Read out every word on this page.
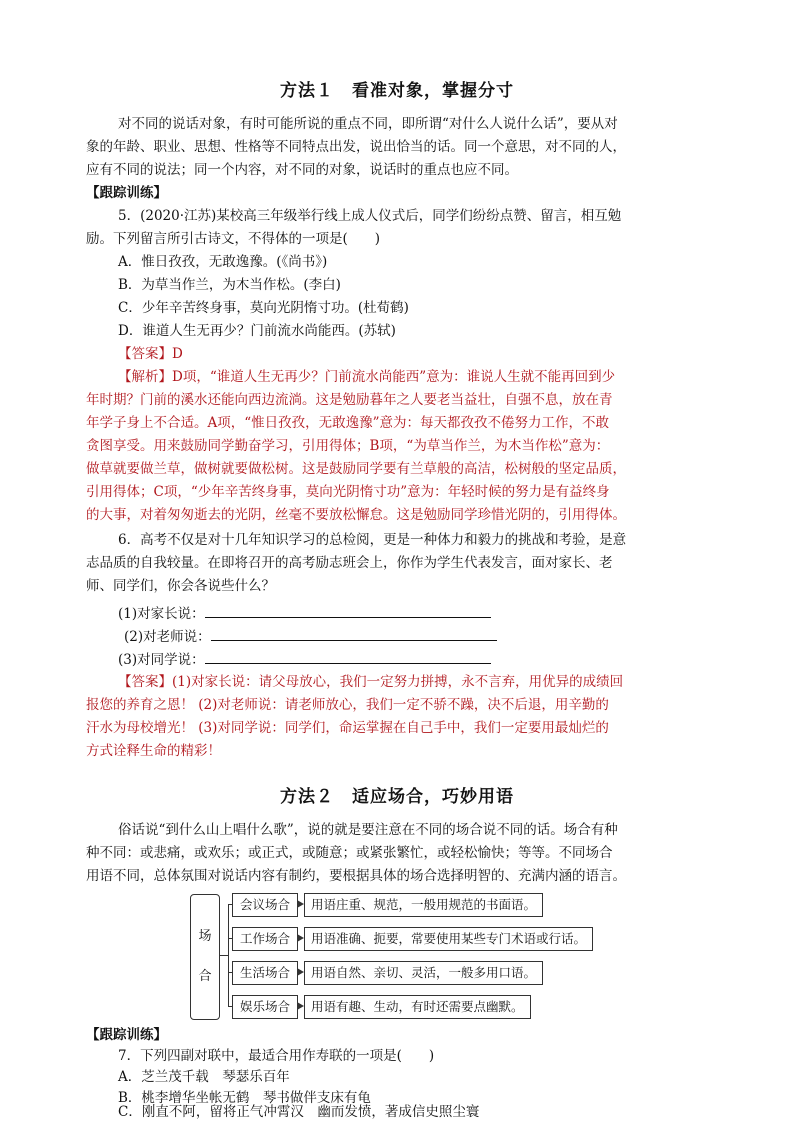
方法１　看准对象，掌握分寸
对不同的说话对象，有时可能所说的重点不同，即所谓“对什么人说什么话”，要从对
象的年龄、职业、思想、性格等不同特点出发，说出恰当的话。同一个意思，对不同的人，
应有不同的说法；同一个内容，对不同的对象，说话时的重点也应不同。
【跟踪训练】
5．(2020·江苏)某校高三年级举行线上成人仪式后，同学们纷纷点赞、留言，相互勉
励。下列留言所引古诗文，不得体的一项是(　　)
A．惟日孜孜，无敢逸豫。(《尚书》)
B．为草当作兰，为木当作松。(李白)
C．少年辛苦终身事，莫向光阴惰寸功。(杜荀鹤)
D．谁道人生无再少？门前流水尚能西。(苏轼)
【答案】D
【解析】D项，“谁道人生无再少？门前流水尚能西”意为：谁说人生就不能再回到少
年时期？门前的溪水还能向西边流淌。这是勉励暮年之人要老当益壮，自强不息，放在青
年学子身上不合适。A项，“惟日孜孜，无敢逸豫”意为：每天都孜孜不倦努力工作，不敢
贪图享受。用来鼓励同学勤奋学习，引用得体；B项，“为草当作兰，为木当作松”意为：
做草就要做兰草，做树就要做松树。这是鼓励同学要有兰草般的高洁，松树般的坚定品质，
引用得体；C项，“少年辛苦终身事，莫向光阴惰寸功”意为：年轻时候的努力是有益终身
的大事，对着匆匆逝去的光阴，丝毫不要放松懈怠。这是勉励同学珍惜光阴的，引用得体。
6．高考不仅是对十几年知识学习的总检阅，更是一种体力和毅力的挑战和考验，是意
志品质的自我较量。在即将召开的高考励志班会上，你作为学生代表发言，面对家长、老
师、同学们，你会各说些什么？
(1)对家长说：
(2)对老师说：
(3)对同学说：
【答案】(1)对家长说：请父母放心，我们一定努力拼搏，永不言弃，用优异的成绩回
报您的养育之恩！ (2)对老师说：请老师放心，我们一定不骄不躁，决不后退，用辛勤的
汗水为母校增光！ (3)对同学说：同学们，命运掌握在自己手中，我们一定要用最灿烂的
方式诠释生命的精彩！
方法２　适应场合，巧妙用语
俗话说“到什么山上唱什么歌”，说的就是要注意在不同的场合说不同的话。场合有种
种不同：或悲痛，或欢乐；或正式，或随意；或紧张繁忙，或轻松愉快；等等。不同场合
用语不同，总体氛围对说话内容有制约，要根据具体的场合选择明智的、充满内涵的语言。
场
合
会议场合	用语庄重、规范，一般用规范的书面语。
工作场合	用语准确、扼要，常要使用某些专门术语或行话。
生活场合	用语自然、亲切、灵活，一般多用口语。
娱乐场合	用语有趣、生动，有时还需要点幽默。
【跟踪训练】
7．下列四副对联中，最适合用作寿联的一项是(　　)
A．芝兰茂千载　琴瑟乐百年
B．桃李增华坐帐无鹤　琴书做伴支床有龟
C．刚直不阿，留将正气冲霄汉　幽而发愤，著成信史照尘寰
